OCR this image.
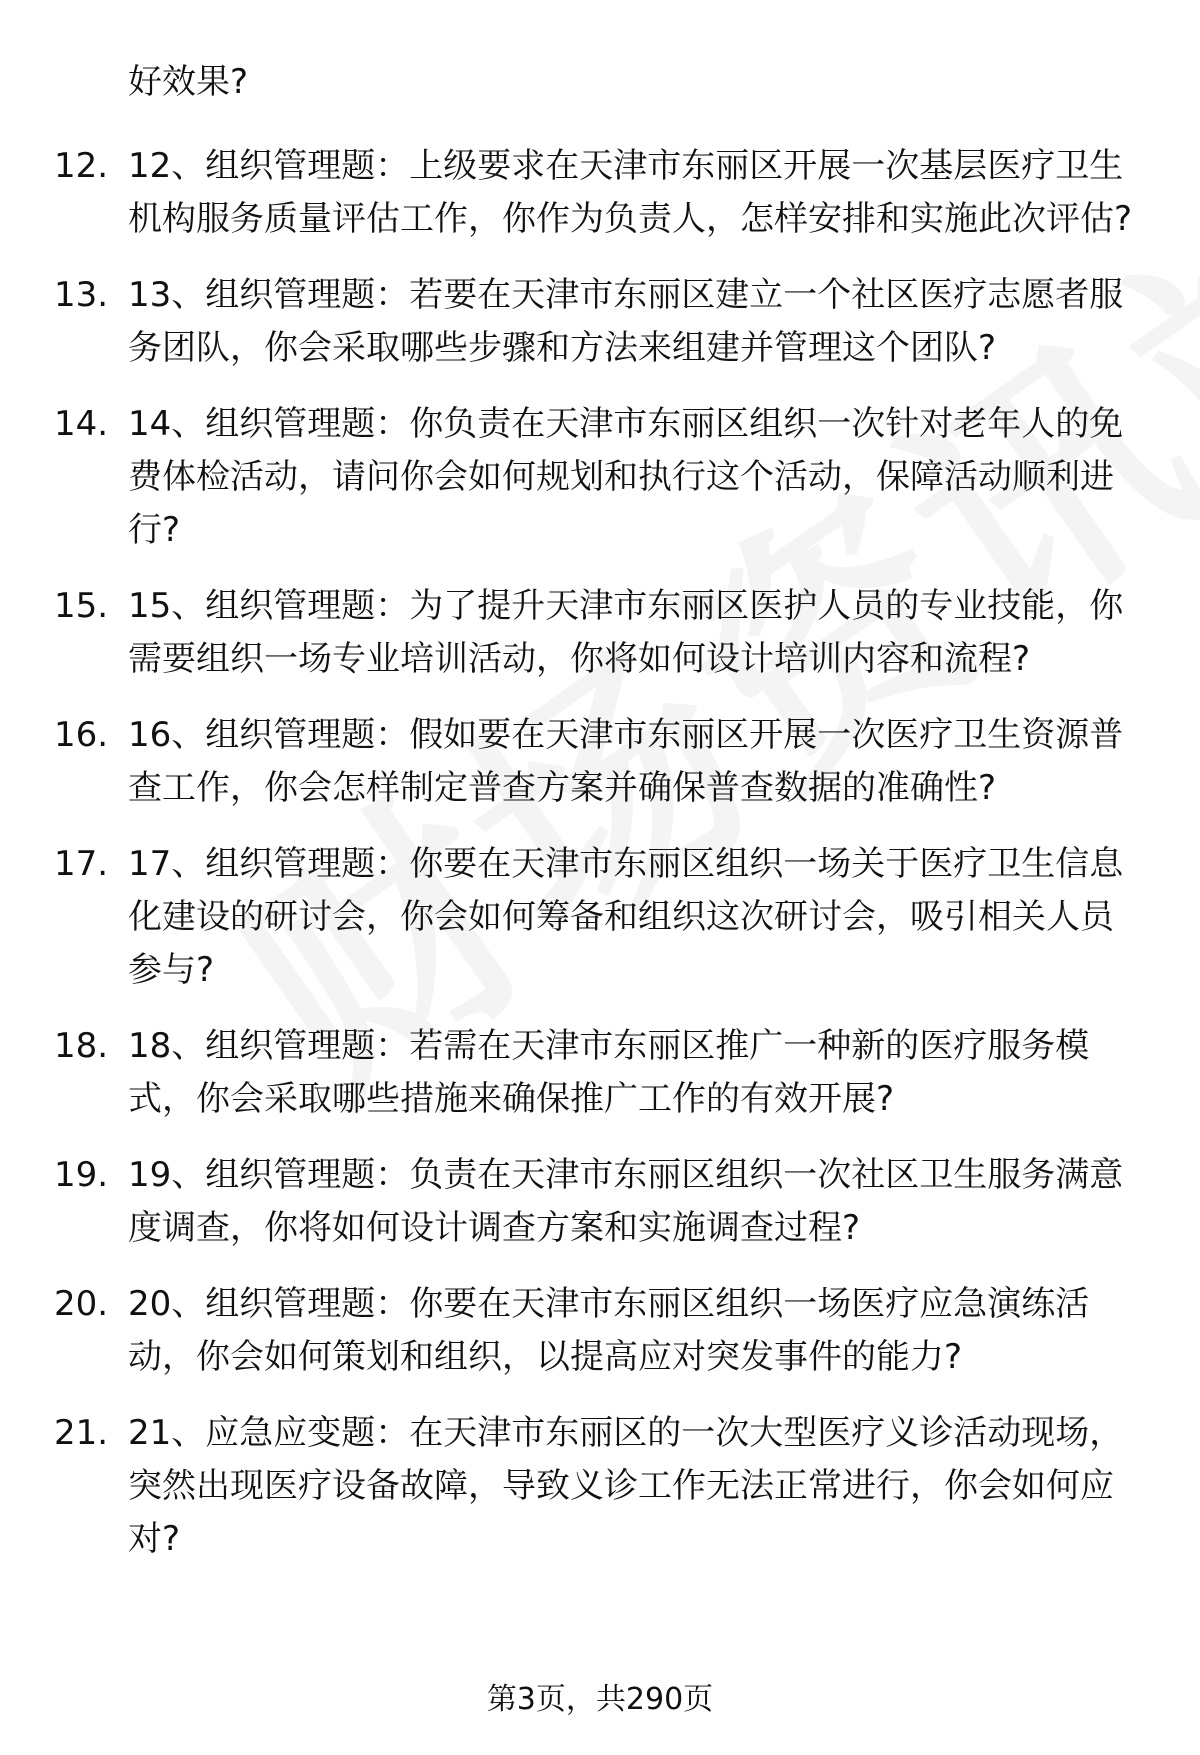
好效果?
12. 12、组织管理题：上级要求在天津市东丽区开展一次基层医疗卫生机构服务质量评估工作，你作为负责人，怎样安排和实施此次评估?
13. 13、组织管理题：若要在天津市东丽区建立一个社区医疗志愿者服务团队，你会采取哪些步骤和方法来组建并管理这个团队?
14. 14、组织管理题：你负责在天津市东丽区组织一次针对老年人的免费体检活动，请问你会如何规划和执行这个活动，保障活动顺利进行?
15. 15、组织管理题：为了提升天津市东丽区医护人员的专业技能，你需要组织一场专业培训活动，你将如何设计培训内容和流程?
16. 16、组织管理题：假如要在天津市东丽区开展一次医疗卫生资源普查工作，你会怎样制定普查方案并确保普查数据的准确性?
17. 17、组织管理题：你要在天津市东丽区组织一场关于医疗卫生信息化建设的研讨会，你会如何筹备和组织这次研讨会，吸引相关人员参与?
18. 18、组织管理题：若需在天津市东丽区推广一种新的医疗服务模式，你会采取哪些措施来确保推广工作的有效开展?
19. 19、组织管理题：负责在天津市东丽区组织一次社区卫生服务满意度调查，你将如何设计调查方案和实施调查过程?
20. 20、组织管理题：你要在天津市东丽区组织一场医疗应急演练活动，你会如何策划和组织，以提高应对突发事件的能力?
21. 21、应急应变题：在天津市东丽区的一次大型医疗义诊活动现场，突然出现医疗设备故障，导致义诊工作无法正常进行，你会如何应对?
第3页，共290页
